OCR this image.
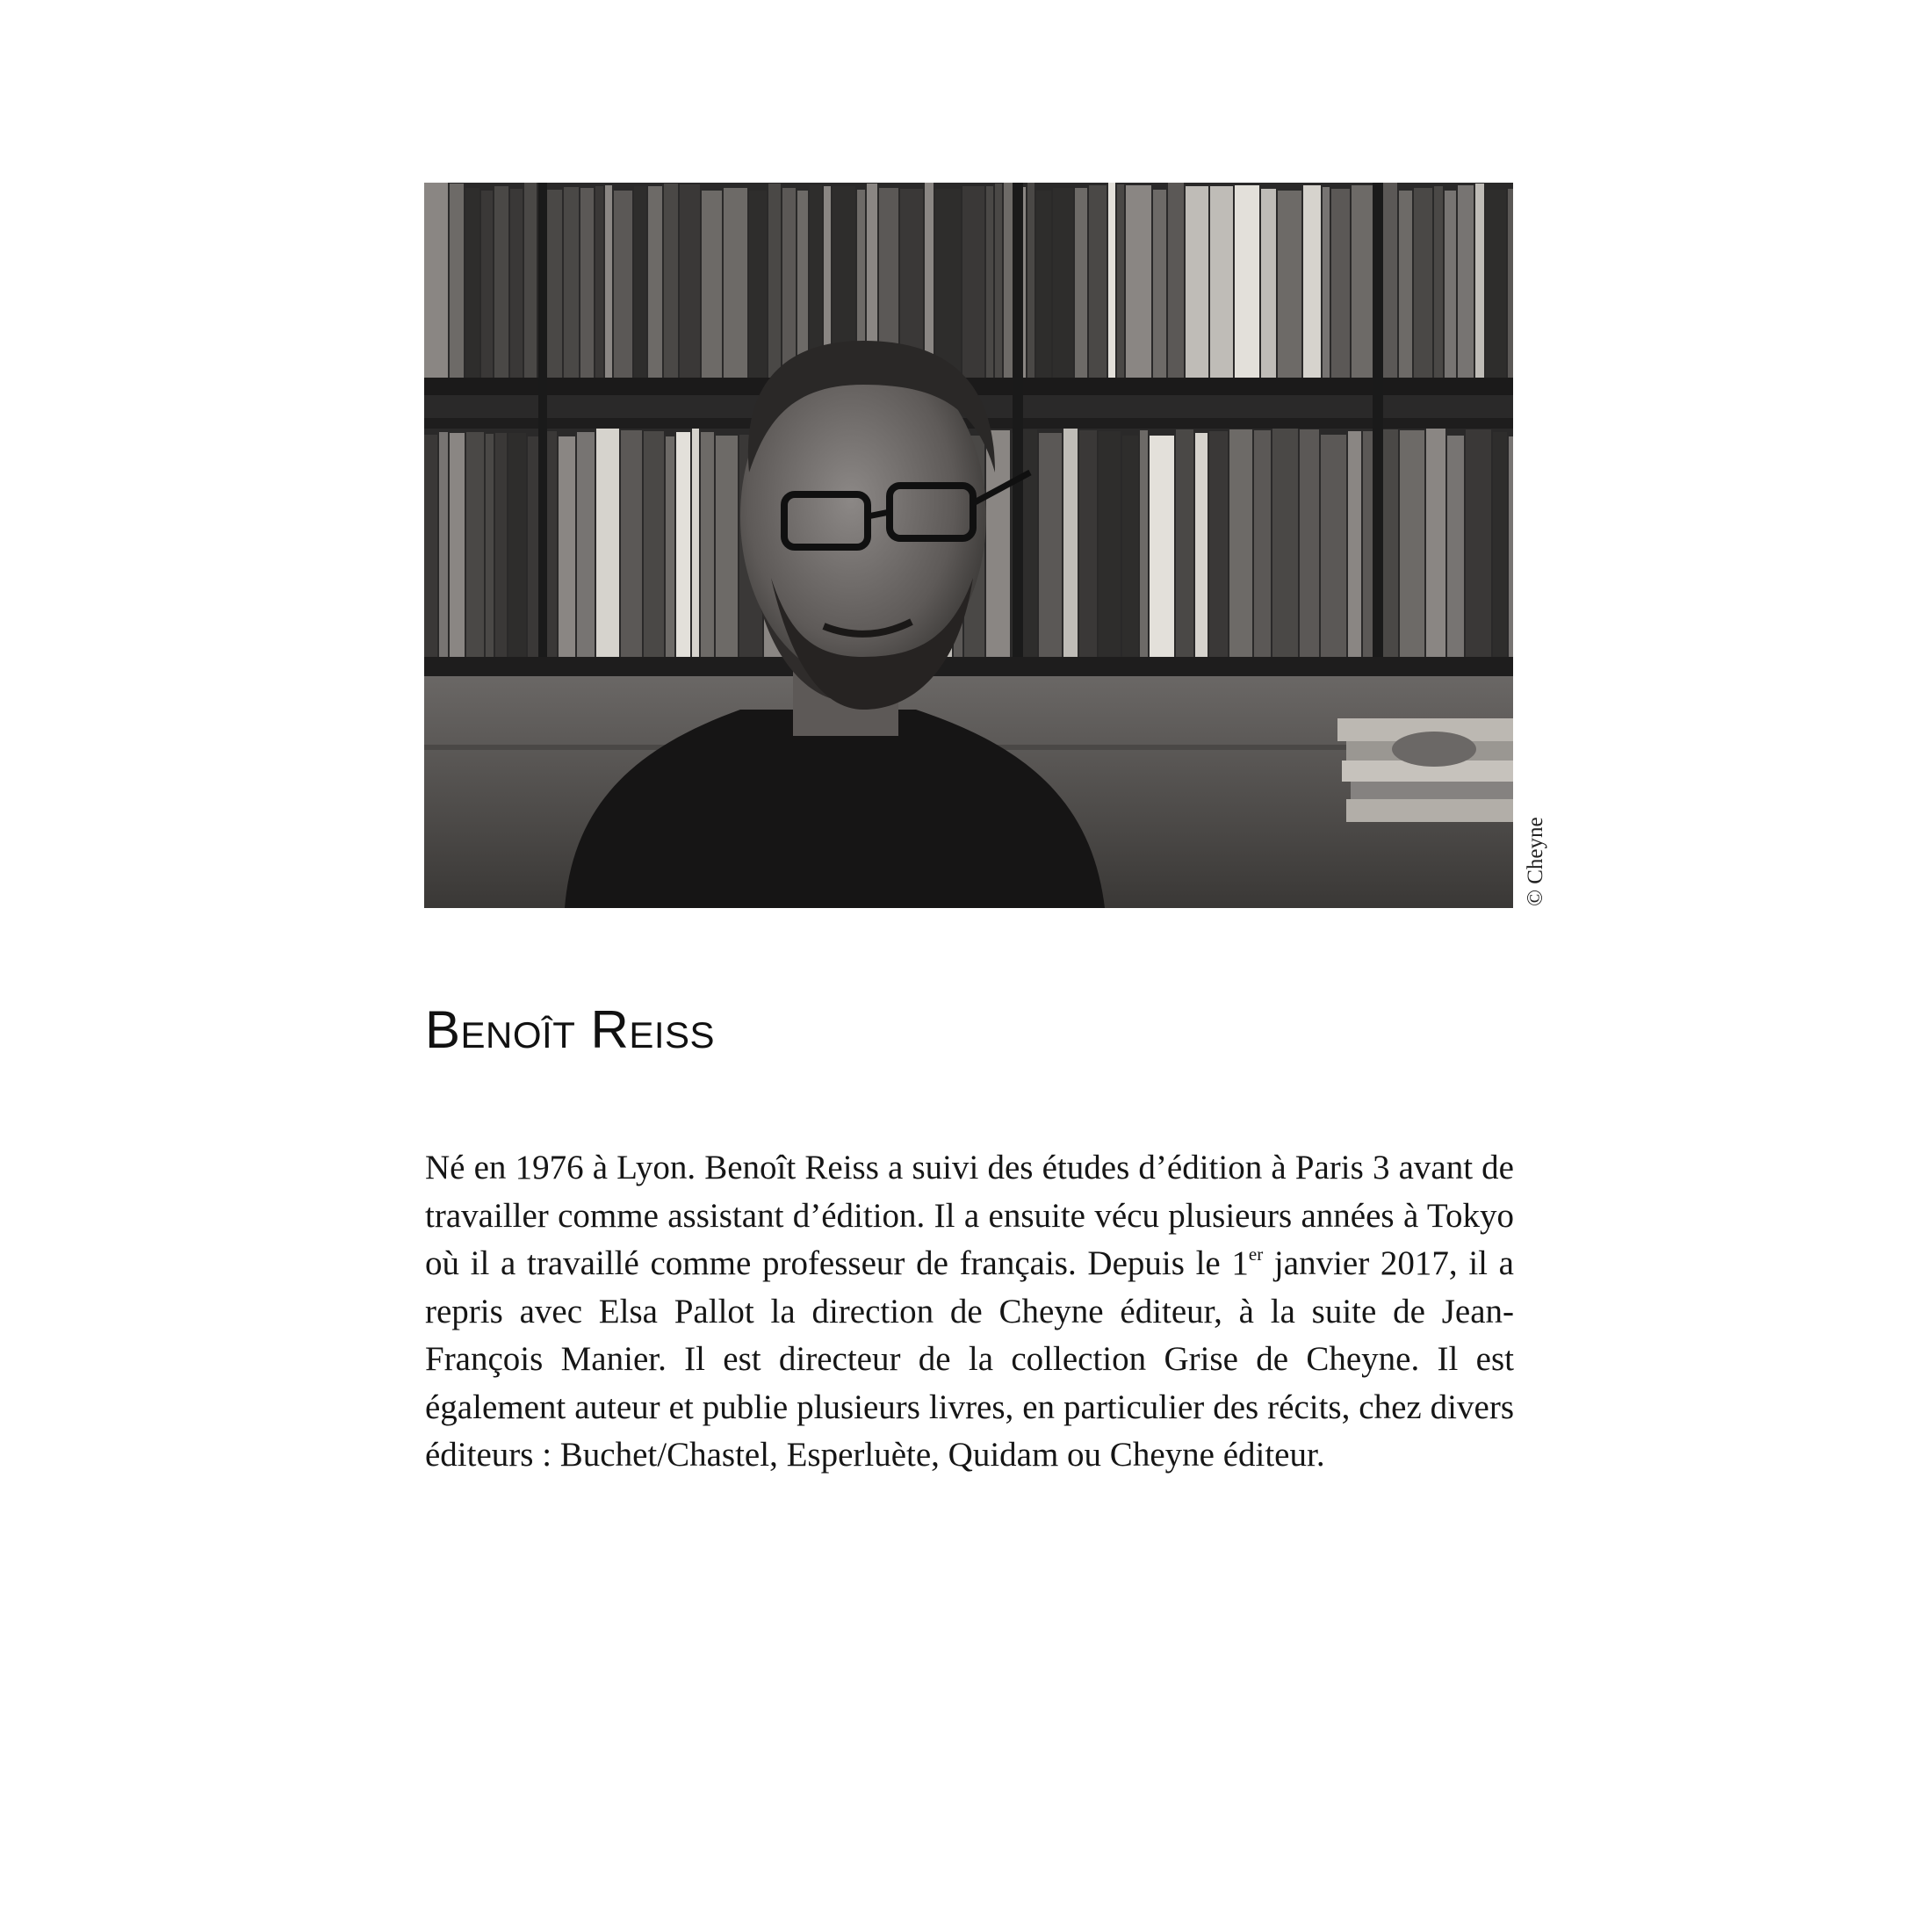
© Cheyne
Benoît Reiss

Né en 1976 à Lyon. Benoît Reiss a suivi des études d’édition à Paris 3 avant de travailler comme assistant d’édition. Il a ensuite vécu plusieurs années à Tokyo où il a travaillé comme professeur de français. Depuis le 1er janvier 2017, il a repris avec Elsa Pallot la direction de Cheyne éditeur, à la suite de Jean-François Manier. Il est directeur de la collection Grise de Cheyne. Il est également auteur et publie plusieurs livres, en particulier des récits, chez divers éditeurs : Buchet/Chastel, Esperluète, Quidam ou Cheyne éditeur.
